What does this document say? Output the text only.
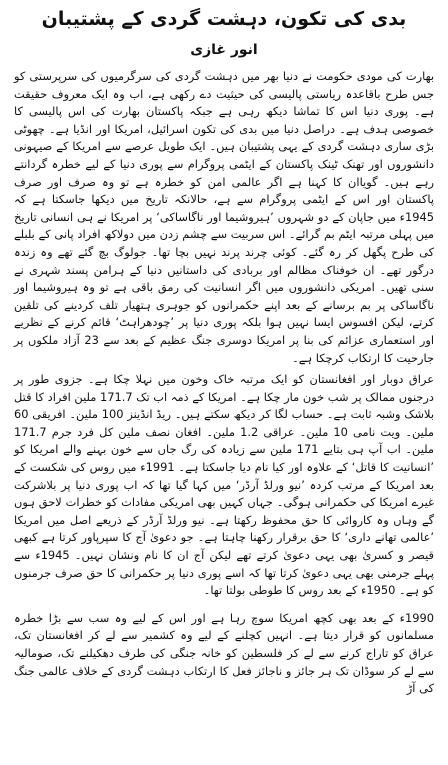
بدی کی تکون، دہشت گردی کے پشتیبان
انور غازی

بھارت کی مودی حکومت نے دنیا بھر میں دہشت گردی کی سرگرمیوں کی سرپرستی کو جس طرح باقاعدہ ریاستی پالیسی کی حیثیت دے رکھی ہے، اب وہ ایک معروف حقیقت ہے۔ پوری دنیا اس کا تماشا دیکھ رہی ہے جبکہ پاکستان بھارت کی اس پالیسی کا خصوصی ہدف ہے۔ دراصل دنیا میں بدی کی تکون اسرائیل، امریکا اور انڈیا ہے۔ چھوٹی بڑی ساری دہشت گردی کے یہی پشتیبان ہیں۔ ایک طویل عرصے سے امریکا کے صیہونی دانشوروں اور تھنک ٹینک پاکستان کے ایٹمی پروگرام سے پوری دنیا کے لیے خطرہ گردانتے رہے ہیں۔ گویاان کا کہنا ہے اگر عالمی امن کو خطرہ ہے تو وہ صرف اور صرف پاکستان اور اس کے ایٹمی پروگرام سے ہے، حالانکہ تاریخ میں دیکھا جاسکتا ہے کہ 1945ء میں جاپان کے دو شہروں ’ہیروشیما اور ناگاساکی‘ پر امریکا نے ہی انسانی تاریخ میں پہلی مرتبہ ایٹم بم گرائے۔ اس سربیت سے چشم زدن میں دولاکھ افراد پانی کے بلبلے کی طرح پگھل کر رہ گئے۔ کوئی چرند پرند نہیں بچا تھا۔ جولوگ بچ گئے تھے وہ زندہ درگور تھے۔ ان خوفناک مظالم اور بربادی کی داستانیں دنیا کے ہرامن پسند شہری نے سنی تھیں۔ امریکی دانشوروں میں اگر انسانیت کی رمق باقی ہے تو وہ ہیروشیما اور ناگاساکی پر بم برسانے کے بعد اپنے حکمرانوں کو جوہری ہتھیار تلف کردینے کی تلقین کرتے، لیکن افسوس ایسا نہیں ہوا بلکہ پوری دنیا پر ’چودھراہٹ‘ قائم کرنے کے نظریے اور استعماری عزائم کی بنا پر امریکا دوسری جنگ عظیم کے بعد سے 23 آزاد ملکوں پر جارحیت کا ارتکاب کرچکا ہے۔

عراق دوبار اور افغانستان کو ایک مرتبہ خاک وخون میں نہلا چکا ہے۔ جزوی طور پر درجنوں ممالک پر شب خون مار چکا ہے۔ امریکا کے ذمہ اب تک 171.7 ملین افراد کا قتل بلاشک وشبہ ثابت ہے۔ حساب لگا کر دیکھ سکتے ہیں۔ ریڈ انڈینز 100 ملین۔ افریقی 60 ملین۔ ویت نامی 10 ملین۔ عراقی 1.2 ملین۔ افغان نصف ملین کل فرد جرم 171.7 ملین۔ اب آپ ہی بتایے 171 ملین سے زیادہ کی رگ جاں سے خون بہنے والے امریکا کو ’انسانیت کا قاتل‘ کے علاوہ اور کیا نام دیا جاسکتا ہے۔ 1991ء میں روس کی شکست کے بعد امریکا کے مرتب کردہ ’نیو ورلڈ آرڈر‘ میں کہا گیا تھا کہ اب پوری دنیا پر بلاشرکت غیرے امریکا کی حکمرانی ہوگی۔ جہاں کہیں بھی امریکی مفادات کو خطرات لاحق ہوں گے وہاں وہ کاروائی کا حق محفوظ رکھتا ہے۔ نیو ورلڈ آرڈر کے ذریعے اصل میں امریکا ’عالمی تھانے داری‘ کا حق برقرار رکھنا چاہتا ہے۔ جو دعویٰ آج کا سپرپاور کرتا ہے کبھی قیصر و کسریٰ بھی یہی دعویٰ کرتے تھے لیکن آج ان کا نام ونشان نہیں۔ 1945ء سے پہلے جرمنی بھی یہی دعویٰ کرتا تھا کہ اسے پوری دنیا پر حکمرانی کا حق صرف جرمنوں کو ہے۔ 1950ء کے بعد روس کا طوطی بولتا تھا۔

1990ء کے بعد بھی کچھ امریکا سوچ رہا ہے اور اس کے لیے وہ سب سے بڑا خطرہ مسلمانوں کو قرار دیتا ہے۔ انہیں کچلنے کے لیے وہ کشمیر سے لے کر افغانستان تک، عراق کو تاراج کرنے سے لے کر فلسطین کو خانہ جنگی کی طرف دھکیلنے تک، صومالیہ سے لے کر سوڈان تک ہر جائز و ناجائز فعل کا ارتکاب دہشت گردی کے خلاف عالمی جنگ کی آڑ
